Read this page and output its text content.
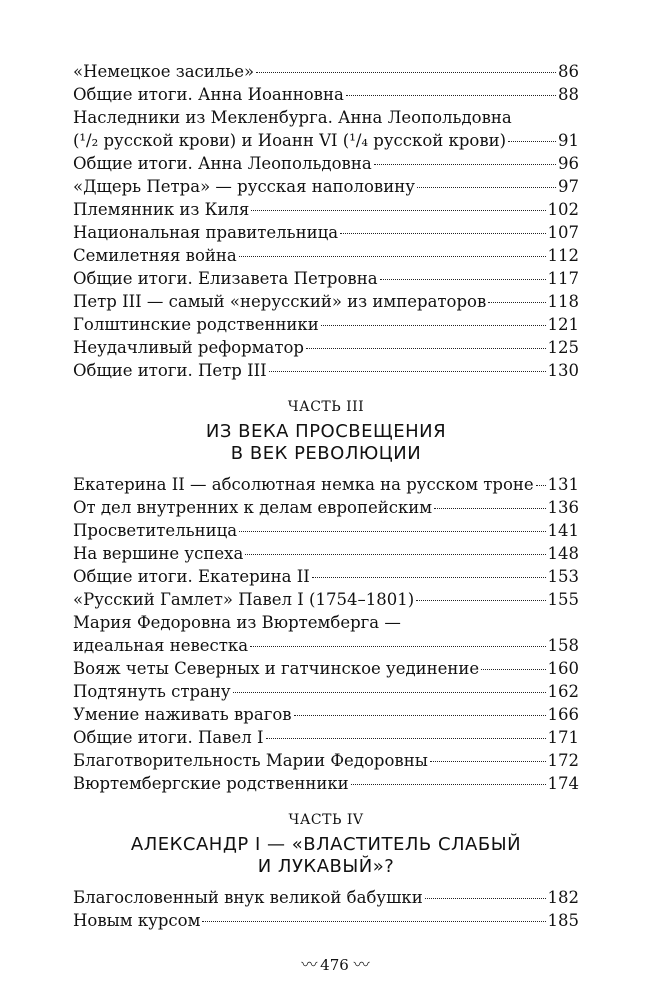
«Немецкое засилье»	86
Общие итоги. Анна Иоанновна	88
Наследники из Мекленбурга. Анна Леопольдовна
(¹/₂ русской крови) и Иоанн VI (¹/₄ русской крови)	91
Общие итоги. Анна Леопольдовна	96
«Дщерь Петра» — русская наполовину	97
Племянник из Киля	102
Национальная правительница	107
Семилетняя война	112
Общие итоги. Елизавета Петровна	117
Петр III — самый «нерусский» из императоров	118
Голштинские родственники	121
Неудачливый реформатор	125
Общие итоги. Петр III	130
ЧАСТЬ III
ИЗ ВЕКА ПРОСВЕЩЕНИЯ
В ВЕК РЕВОЛЮЦИИ
Екатерина II — абсолютная немка на русском троне 131
От дел внутренних к делам европейским	136
Просветительница	141
На вершине успеха	148
Общие итоги. Екатерина II	153
«Русский Гамлет» Павел I (1754–1801)	155
Мария Федоровна из Вюртемберга —
идеальная невестка	158
Вояж четы Северных и гатчинское уединение	160
Подтянуть страну	162
Умение наживать врагов	166
Общие итоги. Павел I	171
Благотворительность Марии Федоровны	172
Вюртембергские родственники	174
ЧАСТЬ IV
АЛЕКСАНДР I — «ВЛАСТИТЕЛЬ СЛАБЫЙ
И ЛУКАВЫЙ»?
Благословенный внук великой бабушки	182
Новым курсом	185
〰 476 〰
